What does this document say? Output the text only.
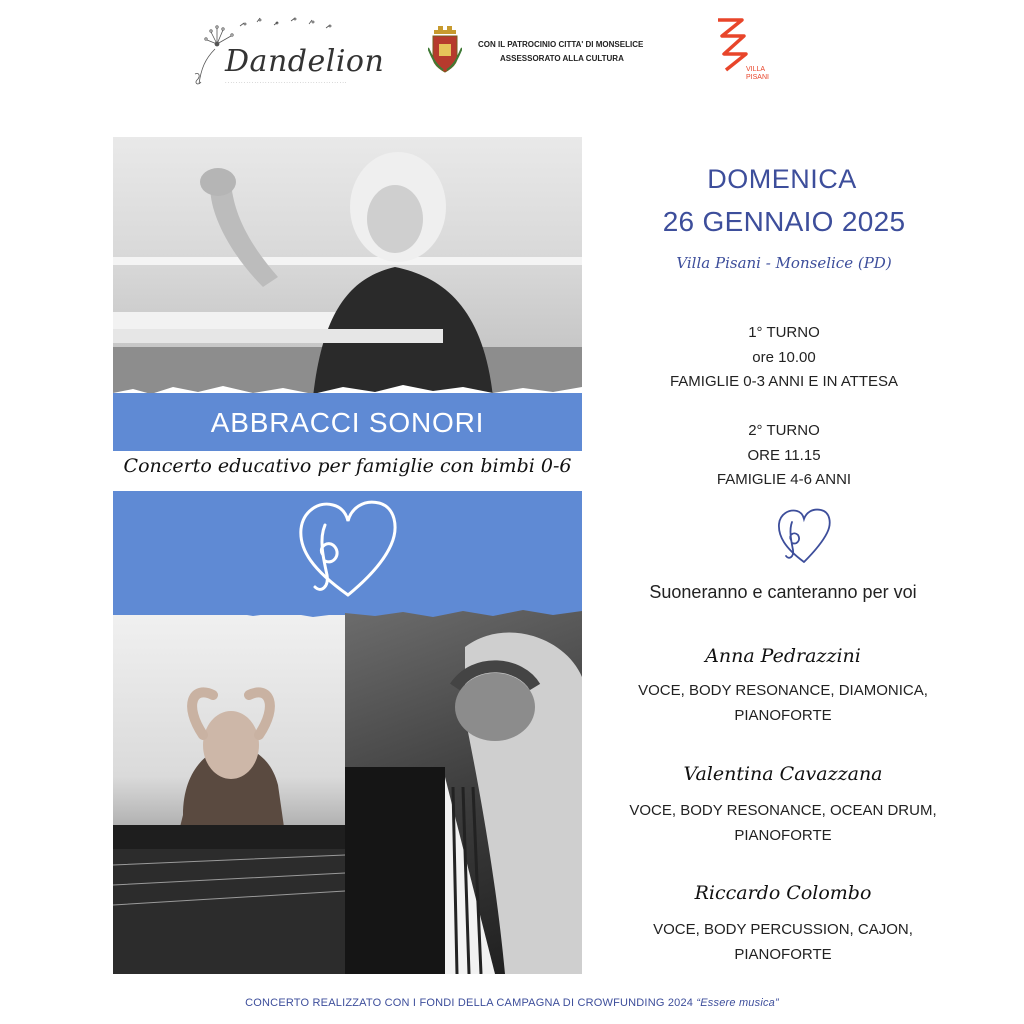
Dandelion
··············································
CON IL PATROCINIO CITTA' DI MONSELICE
ASSESSORATO ALLA CULTURA
VILLA
PISANI
ABBRACCI SONORI
Concerto educativo per famiglie con bimbi 0-6
DOMENICA
26 GENNAIO 2025
Villa Pisani - Monselice (PD)
1° TURNO
ore 10.00
FAMIGLIE 0-3 ANNI E IN ATTESA
2° TURNO
ORE 11.15
FAMIGLIE 4-6 ANNI
Suoneranno e canteranno per voi
Anna Pedrazzini
VOCE, BODY RESONANCE, DIAMONICA,
PIANOFORTE
Valentina Cavazzana
VOCE, BODY RESONANCE, OCEAN DRUM,
PIANOFORTE
Riccardo Colombo
VOCE, BODY PERCUSSION, CAJON,
PIANOFORTE
CONCERTO REALIZZATO CON I FONDI DELLA CAMPAGNA DI CROWFUNDING 2024 “Essere musica”
